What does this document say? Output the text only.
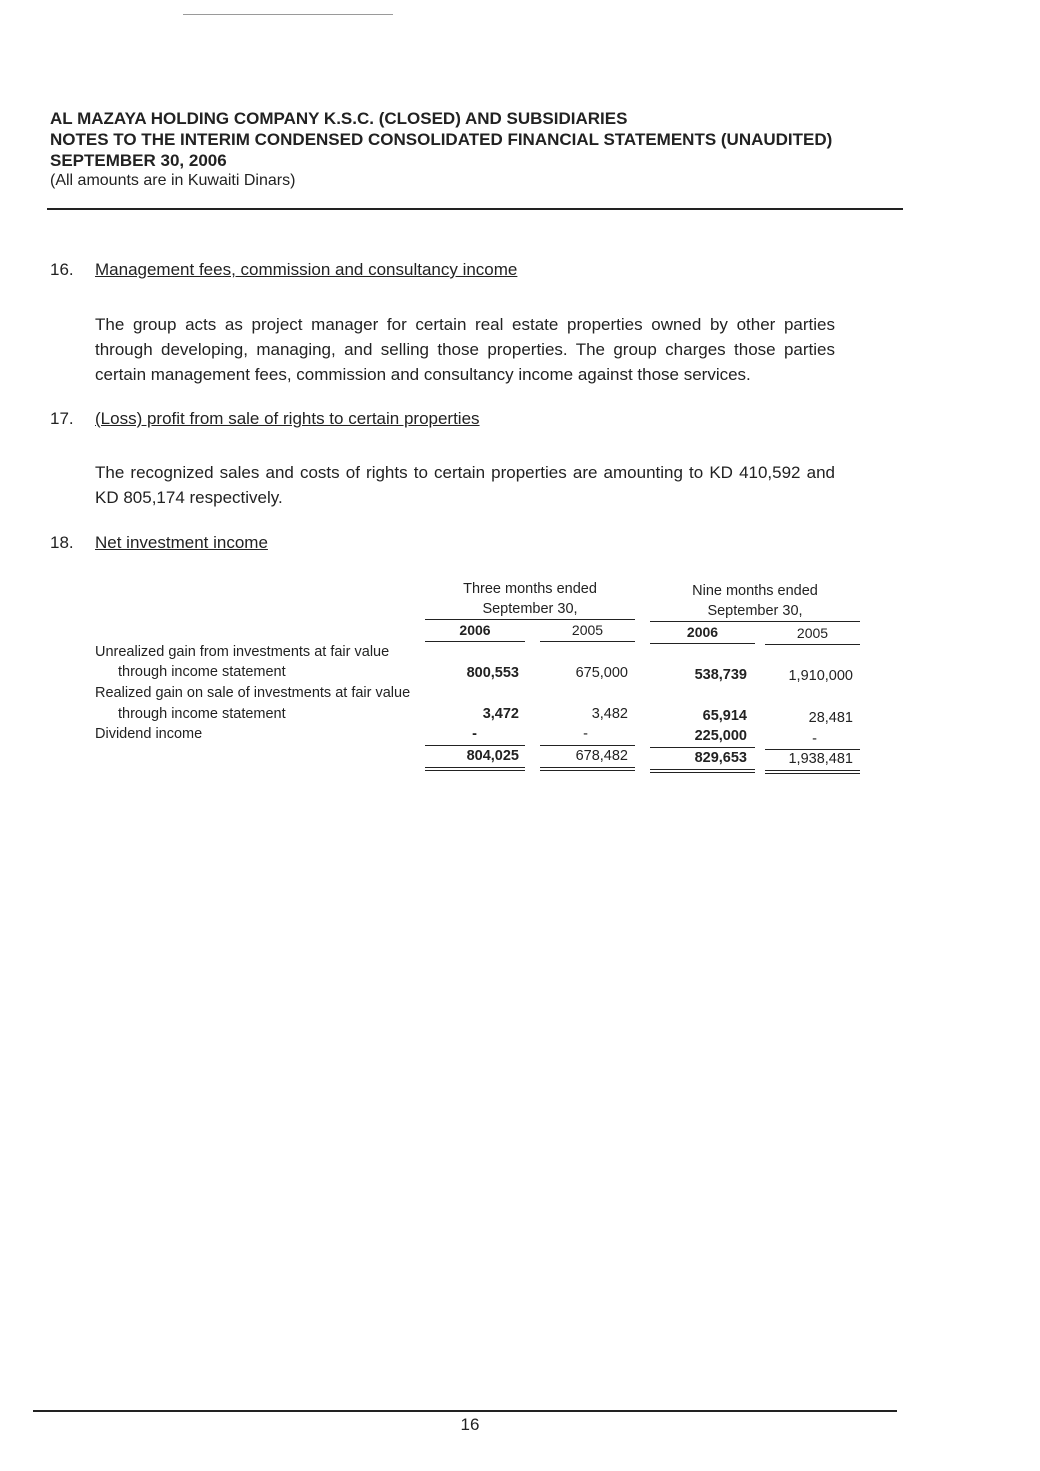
AL MAZAYA HOLDING COMPANY K.S.C. (CLOSED) AND SUBSIDIARIES
NOTES TO THE INTERIM CONDENSED CONSOLIDATED FINANCIAL STATEMENTS (UNAUDITED)
SEPTEMBER 30, 2006
(All amounts are in Kuwaiti Dinars)
16. Management fees, commission and consultancy income
The group acts as project manager for certain real estate properties owned by other parties through developing, managing, and selling those properties. The group charges those parties certain management fees, commission and consultancy income against those services.
17. (Loss) profit from sale of rights to certain properties
The recognized sales and costs of rights to certain properties are amounting to KD 410,592 and KD 805,174 respectively.
18. Net investment income
Three months ended
September 30,
Nine months ended
September 30,
2006	2005	2006	2005
Unrealized gain from investments at fair value
through income statement	800,553	675,000	538,739	1,910,000
Realized gain on sale of investments at fair value
through income statement	3,472	3,482	65,914	28,481
Dividend income	-	-	225,000	-
804,025	678,482	829,653	1,938,481
16
